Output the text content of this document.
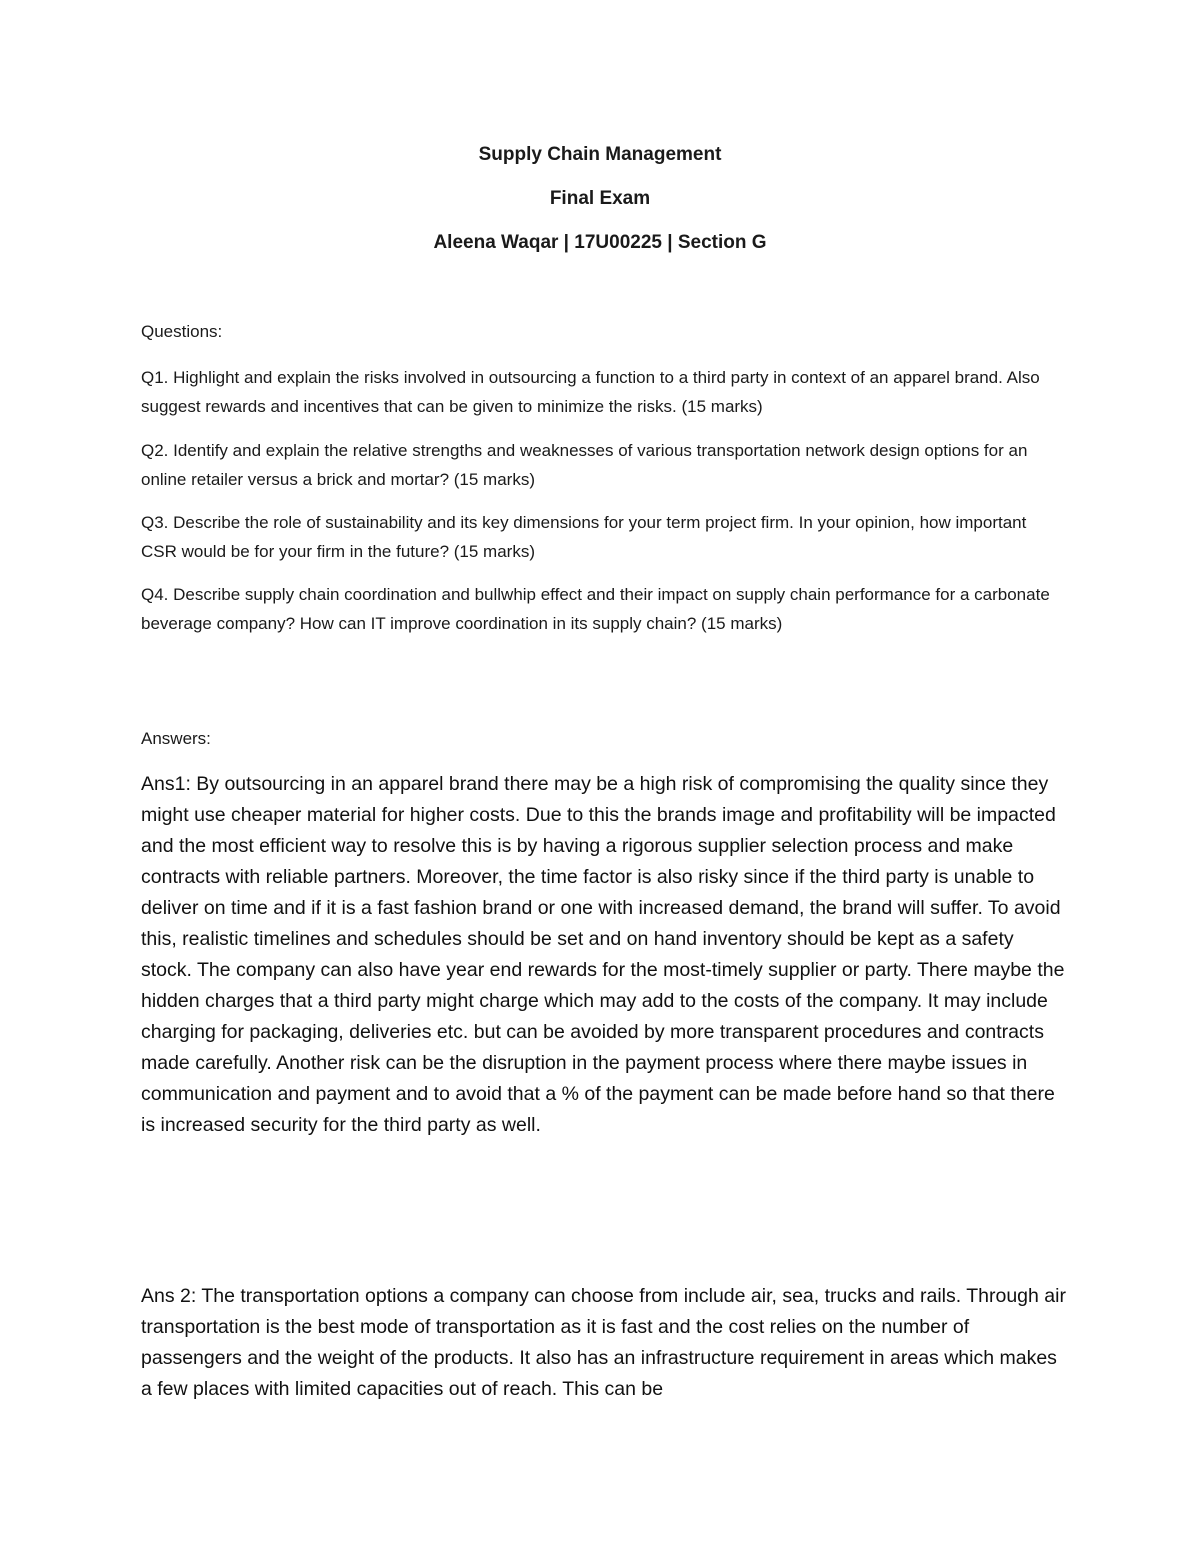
Supply Chain Management
Final Exam
Aleena Waqar | 17U00225 | Section G
Questions:

Q1. Highlight and explain the risks involved in outsourcing a function to a third party in context of an apparel brand. Also suggest rewards and incentives that can be given to minimize the risks. (15 marks)

Q2. Identify and explain the relative strengths and weaknesses of various transportation network design options for an online retailer versus a brick and mortar? (15 marks)

Q3. Describe the role of sustainability and its key dimensions for your term project firm. In your opinion, how important CSR would be for your firm in the future? (15 marks)

Q4. Describe supply chain coordination and bullwhip effect and their impact on supply chain performance for a carbonate beverage company? How can IT improve coordination in its supply chain? (15 marks)

Answers:

Ans1: By outsourcing in an apparel brand there may be a high risk of compromising the quality since they might use cheaper material for higher costs. Due to this the brands image and profitability will be impacted and the most efficient way to resolve this is by having a rigorous supplier selection process and make contracts with reliable partners. Moreover, the time factor is also risky since if the third party is unable to deliver on time and if it is a fast fashion brand or one with increased demand, the brand will suffer. To avoid this, realistic timelines and schedules should be set and on hand inventory should be kept as a safety stock. The company can also have year end rewards for the most-timely supplier or party. There maybe the hidden charges that a third party might charge which may add to the costs of the company. It may include charging for packaging, deliveries etc. but can be avoided by more transparent procedures and contracts made carefully. Another risk can be the disruption in the payment process where there maybe issues in communication and payment and to avoid that a % of the payment can be made before hand so that there is increased security for the third party as well.

Ans 2: The transportation options a company can choose from include air, sea, trucks and rails. Through air transportation is the best mode of transportation as it is fast and the cost relies on the number of passengers and the weight of the products. It also has an infrastructure requirement in areas which makes a few places with limited capacities out of reach. This can be
